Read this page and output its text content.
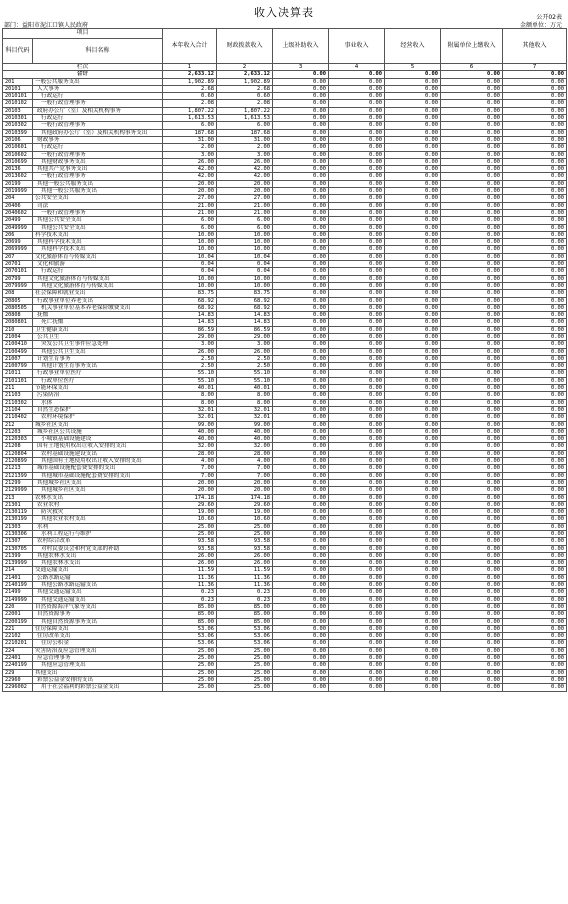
收入决算表	公开02表
部门：益阳市泥江口镇人民政府	金额单位：万元
项目		本年收入合计	财政拨款收入	上级补助收入	事业收入	经营收入	附属单位上缴收入	其他收入
科目代码	科目名称							
栏次		1	2	3	4	5	6	7
合计		2,633.12	2,633.12	0.00	0.00	0.00	0.00	0.00
201	一般公共服务支出	1,902.89	1,902.89	0.00	0.00	0.00	0.00	0.00
20101	人大事务	2.68	2.68	0.00	0.00	0.00	0.00	0.00
2010101	行政运行	0.60	0.60	0.00	0.00	0.00	0.00	0.00
2010102	一般行政管理事务	2.08	2.08	0.00	0.00	0.00	0.00	0.00
20103	政府办公厅（室）及相关机构事务	1,807.22	1,807.22	0.00	0.00	0.00	0.00	0.00
2010301	行政运行	1,613.53	1,613.53	0.00	0.00	0.00	0.00	0.00
2010302	一般行政管理事务	6.00	6.00	0.00	0.00	0.00	0.00	0.00
2010399	其他政府办公厅（室）及相关机构事务支出	187.68	187.68	0.00	0.00	0.00	0.00	0.00
20106	财政事务	31.00	31.00	0.00	0.00	0.00	0.00	0.00
2010601	行政运行	2.00	2.00	0.00	0.00	0.00	0.00	0.00
2010602	一般行政管理事务	3.00	3.00	0.00	0.00	0.00	0.00	0.00
2010699	其他财政事务支出	26.00	26.00	0.00	0.00	0.00	0.00	0.00
20136	其他共产党事务支出	42.00	42.00	0.00	0.00	0.00	0.00	0.00
2013602	一般行政管理事务	42.00	42.00	0.00	0.00	0.00	0.00	0.00
20199	其他一般公共服务支出	20.00	20.00	0.00	0.00	0.00	0.00	0.00
2019999	其他一般公共服务支出	20.00	20.00	0.00	0.00	0.00	0.00	0.00
204	公共安全支出	27.00	27.00	0.00	0.00	0.00	0.00	0.00
20406	司法	21.00	21.00	0.00	0.00	0.00	0.00	0.00
2040602	一般行政管理事务	21.00	21.00	0.00	0.00	0.00	0.00	0.00
20499	其他公共安全支出	6.00	6.00	0.00	0.00	0.00	0.00	0.00
2049999	其他公共安全支出	6.00	6.00	0.00	0.00	0.00	0.00	0.00
206	科学技术支出	10.00	10.00	0.00	0.00	0.00	0.00	0.00
20699	其他科学技术支出	10.00	10.00	0.00	0.00	0.00	0.00	0.00
2069999	其他科学技术支出	10.00	10.00	0.00	0.00	0.00	0.00	0.00
207	文化旅游体育与传媒支出	10.04	10.04	0.00	0.00	0.00	0.00	0.00
20701	文化和旅游	0.04	0.04	0.00	0.00	0.00	0.00	0.00
2070101	行政运行	0.04	0.04	0.00	0.00	0.00	0.00	0.00
20799	其他文化旅游体育与传媒支出	10.00	10.00	0.00	0.00	0.00	0.00	0.00
2079999	其他文化旅游体育与传媒支出	10.00	10.00	0.00	0.00	0.00	0.00	0.00
208	社会保障和就业支出	83.75	83.75	0.00	0.00	0.00	0.00	0.00
20805	行政事业单位养老支出	68.92	68.92	0.00	0.00	0.00	0.00	0.00
2080505	机关事业单位基本养老保险缴费支出	68.92	68.92	0.00	0.00	0.00	0.00	0.00
20808	抚恤	14.83	14.83	0.00	0.00	0.00	0.00	0.00
2080801	死亡抚恤	14.83	14.83	0.00	0.00	0.00	0.00	0.00
210	卫生健康支出	86.59	86.59	0.00	0.00	0.00	0.00	0.00
21004	公共卫生	29.00	29.00	0.00	0.00	0.00	0.00	0.00
2100410	突发公共卫生事件应急处理	3.00	3.00	0.00	0.00	0.00	0.00	0.00
2100499	其他公共卫生支出	26.00	26.00	0.00	0.00	0.00	0.00	0.00
21007	计划生育事务	2.50	2.50	0.00	0.00	0.00	0.00	0.00
2100799	其他计划生育事务支出	2.50	2.50	0.00	0.00	0.00	0.00	0.00
21011	行政事业单位医疗	55.10	55.10	0.00	0.00	0.00	0.00	0.00
2101101	行政单位医疗	55.10	55.10	0.00	0.00	0.00	0.00	0.00
211	节能环保支出	40.01	40.01	0.00	0.00	0.00	0.00	0.00
21103	污染防治	8.00	8.00	0.00	0.00	0.00	0.00	0.00
2110302	水体	8.00	8.00	0.00	0.00	0.00	0.00	0.00
21104	自然生态保护	32.01	32.01	0.00	0.00	0.00	0.00	0.00
2110402	农村环境保护	32.01	32.01	0.00	0.00	0.00	0.00	0.00
212	城乡社区支出	99.00	99.00	0.00	0.00	0.00	0.00	0.00
21203	城乡社区公共设施	40.00	40.00	0.00	0.00	0.00	0.00	0.00
2120303	小城镇基础设施建设	40.00	40.00	0.00	0.00	0.00	0.00	0.00
21208	国有土地使用权出让收入安排的支出	32.00	32.00	0.00	0.00	0.00	0.00	0.00
2120804	农村基础设施建设支出	28.00	28.00	0.00	0.00	0.00	0.00	0.00
2120899	其他国有土地使用权出让收入安排的支出	4.00	4.00	0.00	0.00	0.00	0.00	0.00
21213	城市基础设施配套费安排的支出	7.00	7.00	0.00	0.00	0.00	0.00	0.00
2121399	其他城市基础设施配套费安排的支出	7.00	7.00	0.00	0.00	0.00	0.00	0.00
21299	其他城乡社区支出	20.00	20.00	0.00	0.00	0.00	0.00	0.00
2129999	其他城乡社区支出	20.00	20.00	0.00	0.00	0.00	0.00	0.00
213	农林水支出	174.18	174.18	0.00	0.00	0.00	0.00	0.00
21301	农业农村	29.60	29.60	0.00	0.00	0.00	0.00	0.00
2130119	防灾救灾	19.00	19.00	0.00	0.00	0.00	0.00	0.00
2130199	其他农业农村支出	10.60	10.60	0.00	0.00	0.00	0.00	0.00
21303	水利	25.00	25.00	0.00	0.00	0.00	0.00	0.00
2130306	水利工程运行与维护	25.00	25.00	0.00	0.00	0.00	0.00	0.00
21307	农村综合改革	93.58	93.58	0.00	0.00	0.00	0.00	0.00
2130705	对村民委员会和村党支部的补助	93.58	93.58	0.00	0.00	0.00	0.00	0.00
21399	其他农林水支出	26.00	26.00	0.00	0.00	0.00	0.00	0.00
2139999	其他农林水支出	26.00	26.00	0.00	0.00	0.00	0.00	0.00
214	交通运输支出	11.59	11.59	0.00	0.00	0.00	0.00	0.00
21401	公路水路运输	11.36	11.36	0.00	0.00	0.00	0.00	0.00
2140199	其他公路水路运输支出	11.36	11.36	0.00	0.00	0.00	0.00	0.00
21499	其他交通运输支出	0.23	0.23	0.00	0.00	0.00	0.00	0.00
2149999	其他交通运输支出	0.23	0.23	0.00	0.00	0.00	0.00	0.00
220	自然资源海洋气象等支出	85.00	85.00	0.00	0.00	0.00	0.00	0.00
22001	自然资源事务	85.00	85.00	0.00	0.00	0.00	0.00	0.00
2200199	其他自然资源事务支出	85.00	85.00	0.00	0.00	0.00	0.00	0.00
221	住房保障支出	53.06	53.06	0.00	0.00	0.00	0.00	0.00
22102	住房改革支出	53.06	53.06	0.00	0.00	0.00	0.00	0.00
2210201	住房公积金	53.06	53.06	0.00	0.00	0.00	0.00	0.00
224	灾害防治及应急管理支出	25.00	25.00	0.00	0.00	0.00	0.00	0.00
22401	应急管理事务	25.00	25.00	0.00	0.00	0.00	0.00	0.00
2240199	其他应急管理支出	25.00	25.00	0.00	0.00	0.00	0.00	0.00
229	其他支出	25.00	25.00	0.00	0.00	0.00	0.00	0.00
22960	彩票公益金安排的支出	25.00	25.00	0.00	0.00	0.00	0.00	0.00
2296002	用于社会福利的彩票公益金支出	25.00	25.00	0.00	0.00	0.00	0.00	0.00
